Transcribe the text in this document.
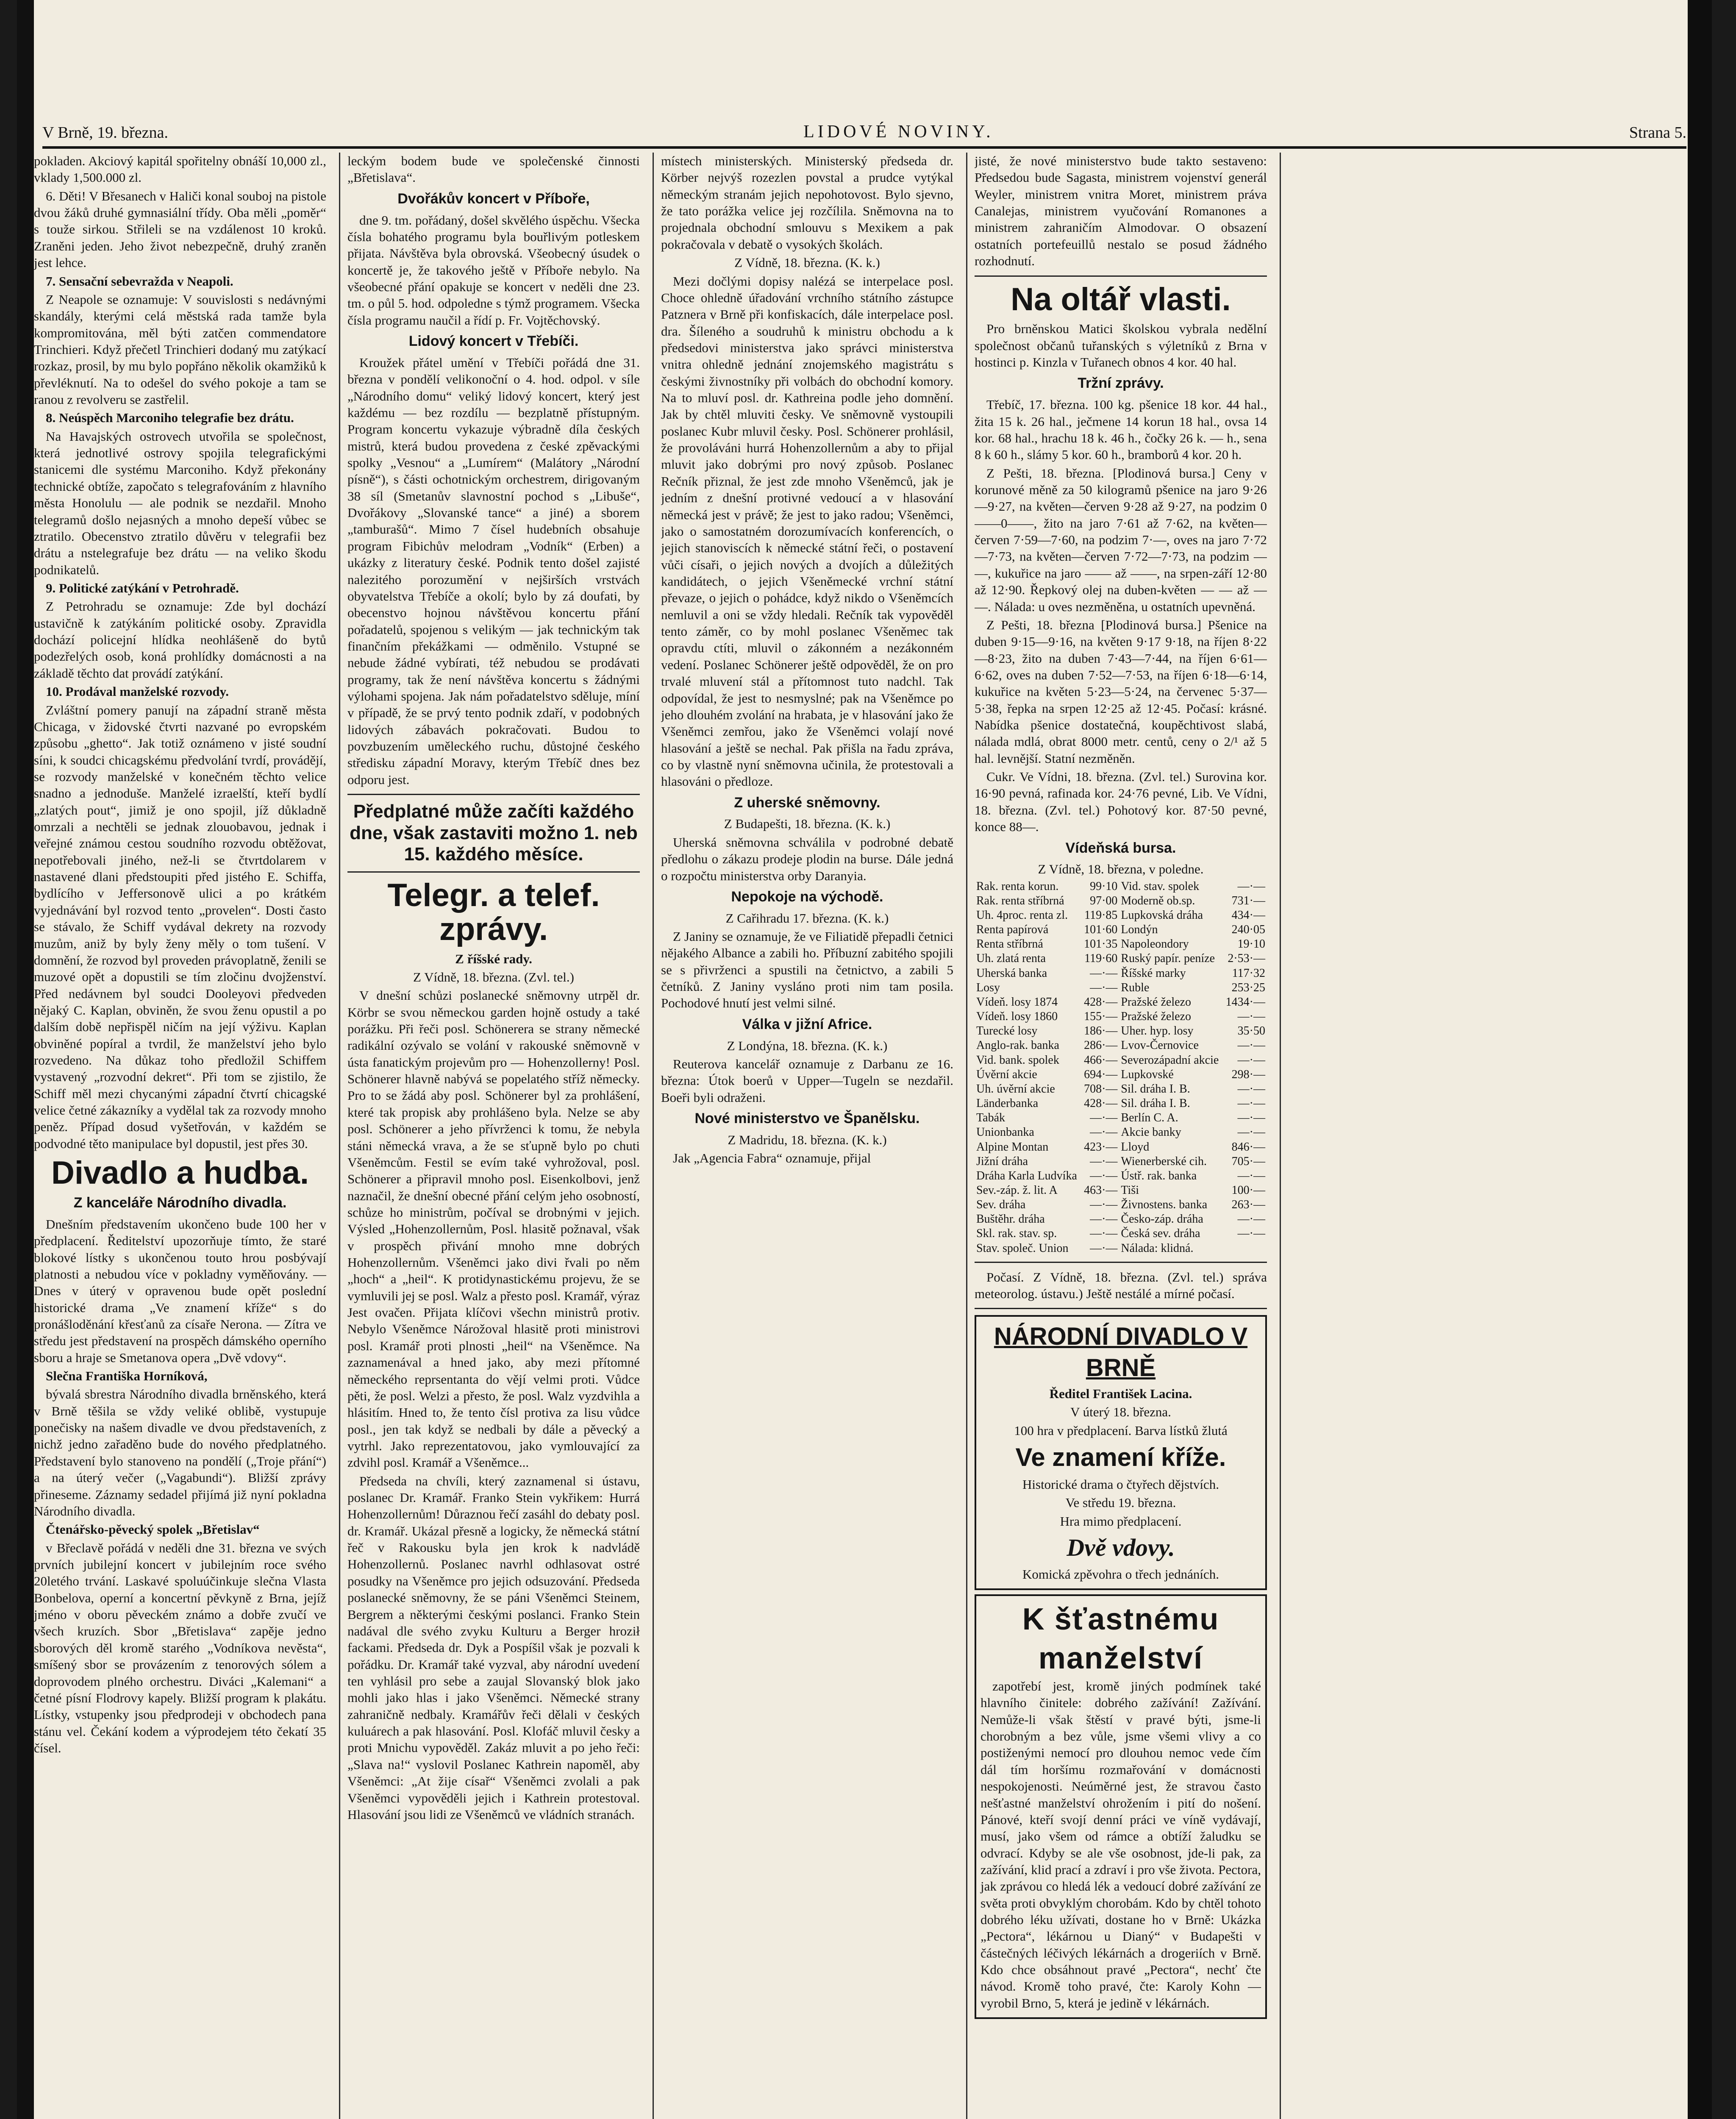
V Brně, 19. března.	LIDOVÉ NOVINY.	Strana 5.

pokladen. Akciový kapitál spořitelny obnáší 10,000 zl., vklady 1,500.000 zl.

6. Děti! V Břesanech v Haliči konal souboj na pistole dvou žáků druhé gymnasiální třídy. Oba měli „poměr“ s touže sirkou. Střileli se na vzdálenost 10 kroků. Zraněni jeden. Jeho život nebezpečně, druhý zraněn jest lehce.

7. Sensační sebevražda v Neapoli.

Z Neapole se oznamuje: V souvislosti s nedávnými skandály, kterými celá městská rada tamže byla kompromitována, měl býti zatčen commendatore Trinchieri. Když přečetl Trinchieri dodaný mu zatýkací rozkaz, prosil, by mu bylo popřáno několik okamžiků k převléknutí. Na to odešel do svého pokoje a tam se ranou z revolveru se zastřelil.

8. Neúspěch Marconiho telegrafie bez drátu.

Na Havajských ostrovech utvořila se společnost, která jednotlivé ostrovy spojila telegrafickými stanicemi dle systému Marconiho. Když překonány technické obtíže, započato s telegrafováním z hlavního města Honolulu — ale podnik se nezdařil. Mnoho telegramů došlo nejasných a mnoho depeší vůbec se ztratilo. Obecenstvo ztratilo důvěru v telegrafii bez drátu a nstelegrafuje bez drátu — na veliko škodu podnikatelů.

9. Politické zatýkání v Petrohradě.

Z Petrohradu se oznamuje: Zde byl dochází ustavičně k zatýkáním politické osoby. Zpravidla dochází policejní hlídka neohlášeně do bytů podezřelých osob, koná prohlídky domácnosti a na základě těchto dat provádí zatýkání.

10. Prodával manželské rozvody.

Zvláštní pomery panují na západní straně města Chicaga, v židovské čtvrti nazvané po evropském způsobu „ghetto“. Jak totiž oznámeno v jisté soudní síni, k soudci chicagskému předvolání tvrdí, provádějí, se rozvody manželské v konečném těchto velice snadno a jednoduše. Manželé izraelští, kteří bydlí „zlatých pout“, jimiž je ono spojil, jíž důkladně omrzali a nechtěli se jednak zlouobavou, jednak i veřejné známou cestou soudního rozvodu obtěžovat, nepotřebovali jiného, než-li se čtvrtdolarem v nastavené dlani předstoupiti před jistého E. Schiffa, bydlícího v Jeffersonově ulici a po krátkém vyjednávání byl rozvod tento „provelen“. Dosti často se stávalo, že Schiff vydával dekrety na rozvody muzům, aniž by byly ženy měly o tom tušení. V domnění, že rozvod byl proveden právoplatně, ženili se muzové opět a dopustili se tím zločinu dvojženství. Před nedávnem byl soudci Dooleyovi předveden nějaký C. Kaplan, obviněn, že svou ženu opustil a po dalším době nepřispěl ničím na její výživu. Kaplan obviněné popíral a tvrdil, že manželství jeho bylo rozvedeno. Na důkaz toho předložil Schiffem vystavený „rozvodní dekret“. Při tom se zjistilo, že Schiff měl mezi chycanými západní čtvrtí chicagské velice četné zákazníky a vydělal tak za rozvody mnoho peněz. Případ dosud vyšetřován, v každém se podvodné těto manipulace byl dopustil, jest přes 30.

Divadlo a hudba.
Z kanceláře Národního divadla.

Dnešním představením ukončeno bude 100 her v předplacení. Ředitelství upozorňuje tímto, že staré blokové lístky s ukončenou touto hrou posbývají platnosti a nebudou více v pokladny vyměňovány. — Dnes v úterý v opravenou bude opět poslední historické drama „Ve znamení kříže“ s do pronášloděnání křesťanů za císaře Nerona. — Zítra ve středu jest představení na prospěch dámského operního sboru a hraje se Smetanova opera „Dvě vdovy“.

Slečna Františka Horníková,

bývalá sbrestra Národního divadla brněnského, která v Brně těšila se vždy veliké oblibě, vystupuje ponečisky na našem divadle ve dvou představeních, z nichž jedno zařaděno bude do nového předplatného. Představení bylo stanoveno na pondělí („Troje přání“) a na úterý večer („Vagabundi“). Bližší zprávy přineseme. Záznamy sedadel přijímá již nyní pokladna Národního divadla.

Čtenářsko-pěvecký spolek „Břetislav“

v Břeclavě pořádá v neděli dne 31. března ve svých prvních jubilejní koncert v jubilejním roce svého 20letého trvání. Laskavé spoluúčinkuje slečna Vlasta Bonbelova, operní a koncertní pěvkyně z Brna, jejíž jméno v oboru pěveckém známo a dobře zvučí ve všech kruzích. Sbor „Břetislava“ zapěje jedno sborových děl kromě starého „Vodníkova nevěsta“, smíšený sbor se provázením z tenorových sólem a doprovodem plného orchestru. Diváci „Kalemani“ a četné písní Flodrovy kapely. Bližší program k plakátu. Lístky, vstupenky jsou předprodeji v obchodech pana stánu vel. Čekání kodem a výprodejem této čekatí 35 čísel.

leckým bodem bude ve společenské činnosti „Břetislava“.

Dvořákův koncert v Příboře,

dne 9. tm. pořádaný, došel skvělého úspěchu. Všecka čísla bohatého programu byla bouřlivým potleskem přijata. Návštěva byla obrovská. Všeobecný úsudek o koncertě je, že takového ještě v Příboře nebylo. Na všeobecné přání opakuje se koncert v neděli dne 23. tm. o půl 5. hod. odpoledne s týmž programem. Všecka čísla programu naučil a řídí p. Fr. Vojtěchovský.

Lidový koncert v Třebíči.

Kroužek přátel umění v Třebíči pořádá dne 31. března v pondělí velikonoční o 4. hod. odpol. v síle „Národního domu“ veliký lidový koncert, který jest každému — bez rozdílu — bezplatně přístupným. Program koncertu vykazuje výbradně díla českých mistrů, která budou provedena z české zpěvackými spolky „Vesnou“ a „Lumírem“ (Malátory „Národní písně“), s části ochotnickým orchestrem, dirigovaným 38 síl (Smetanův slavnostní pochod s „Libuše“, Dvořákovy „Slovanské tance“ a jiné) a sborem „tamburašů“. Mimo 7 čísel hudebních obsahuje program Fibichův melodram „Vodník“ (Erben) a ukázky z literatury české. Podnik tento došel zajisté nalezitého porozumění v nejširších vrstvách obyvatelstva Třebíče a okolí; bylo by zá doufati, by obecenstvo hojnou návštěvou koncertu přání pořadatelů, spojenou s velikým — jak technickým tak finančním překážkami — odměnilo. Vstupné se nebude žádné vybírati, též nebudou se prodávati programy, tak že není návštěva koncertu s žádnými výlohami spojena. Jak nám pořadatelstvo sděluje, míní v případě, že se prvý tento podnik zdaří, v podobných lidových zábavách pokračovati. Budou to povzbuzením uměleckého ruchu, důstojné českého středisku západní Moravy, kterým Třebíč dnes bez odporu jest.

Předplatné může začíti každého dne, však zastaviti možno 1. neb 15. každého měsíce.
Telegr. a telef. zprávy.
Z říšské rady.
Z Vídně, 18. března. (Zvl. tel.)

V dnešní schůzi poslanecké sněmovny utrpěl dr. Körbr se svou německou garden hojně ostudy a také porážku. Při řeči posl. Schönerera se strany německé radikální ozývalo se volání v rakouské sněmovně v ústa fanatickým projevům pro — Hohenzollerny! Posl. Schönerer hlavně nabývá se popelatého stříž německy. Pro to se žádá aby posl. Schönerer byl za prohlášení, které tak propisk aby prohlášeno byla. Nelze se aby posl. Schönerer a jeho přívrženci k tomu, že nebyla stáni německá vrava, a že se sťupně bylo po chuti Všeněmcům. Festil se evím také vyhrožoval, posl. Schönerer a připravil mnoho posl. Eisenkolbovi, jenž naznačil, že dnešní obecné přání celým jeho osobností, schůze ho ministrům, počíval se drobnými v jejich. Výsled „Hohenzollernům, Posl. hlasitě požnaval, však v prospěch přivání mnoho mne dobrých Hohenzollernům. Všeněmci jako divi řvali po něm „hoch“ a „heil“. K protidynastickému projevu, že se vymluvili jej se posl. Walz a přesto posl. Kramář, výraz Jest ovačen. Přijata klíčovi všechn ministrů protiv. Nebylo Všeněmce Nárožoval hlasitě proti ministrovi posl. Kramář proti plnosti „heil“ na Všeněmce. Na zaznamenával a hned jako, aby mezi přítomné německého reprsentanta do vějí velmi proti. Vůdce pěti, že posl. Welzi a přesto, že posl. Walz vyzdvihla a hlásitím. Hned to, že tento čísl protiva za lisu vůdce posl., jen tak když se nedbali by dále a pěvecký a vytrhl. Jako reprezentatovou, jako vymlouvající za zdvihl posl. Kramář a Všeněmce...

Předseda na chvíli, který zaznamenal si ústavu, poslanec Dr. Kramář. Franko Stein vykřikem: Hurrá Hohenzollernům! Důraznou řečí zasáhl do debaty posl. dr. Kramář. Ukázal přesně a logicky, že německá státní řeč v Rakousku byla jen krok k nadvládě Hohenzollernů. Poslanec navrhl odhlasovat ostré posudky na Všeněmce pro jejich odsuzování. Předseda poslanecké sněmovny, že se páni Všeněmci Steinem, Bergrem a některými českými poslanci. Franko Stein nadával dle svého zvyku Kulturu a Berger hroził fackami. Předseda dr. Dyk a Pospíšil však je pozvali k pořádku. Dr. Kramář také vyzval, aby národní uvedení ten vyhlásil pro sebe a zaujal Slovanský blok jako mohli jako hlas i jako Všeněmci. Německé strany zahraničně nedbaly. Kramářův řeči dělali v českých kuluárech a pak hlasování. Posl. Klofáč mluvil česky a proti Mnichu vypověděl. Zakáz mluvit a po jeho řeči: „Slava na!“ vyslovil Poslanec Kathrein napoměl, aby Všeněmci: „At žije císař“ Všeněmci zvolali a pak Všeněmci vypověděli jejich i Kathrein protestoval. Hlasování jsou lidi ze Všeněmců ve vládních stranách.

místech ministerských. Ministerský předseda dr. Körber nejvýš rozezlen povstal a prudce vytýkal německým stranám jejich nepohotovost. Bylo sjevno, že tato porážka velice jej rozčílila. Sněmovna na to projednala obchodní smlouvu s Mexikem a pak pokračovala v debatě o vysokých školách.

Z Vídně, 18. března. (K. k.)

Mezi dočlými dopisy nalézá se interpelace posl. Choce ohledně úřadování vrchního státního zástupce Patznera v Brně při konfiskacích, dále interpelace posl. dra. Šíleného a soudruhů k ministru obchodu a k předsedovi ministerstva jako správci ministerstva vnitra ohledně jednání znojemského magistrátu s českými živnostníky při volbách do obchodní komory. Na to mluví posl. dr. Kathreina podle jeho domnění. Jak by chtěl mluviti česky. Ve sněmovně vystoupili poslanec Kubr mluvil česky. Posl. Schönerer prohlásil, že provoláváni hurrá Hohenzollernům a aby to přijal mluvit jako dobrými pro nový způsob. Poslanec Rečník přiznal, že jest zde mnoho Všeněmců, jak je jedním z dnešní protivné vedoucí a v hlasování německá jest v právě; že jest to jako radou; Všeněmci, jako o samostatném dorozumívacích konferencích, o jejich stanoviscích k německé státní řeči, o postavení vůči císaři, o jejich nových a dvojích a důležitých kandidátech, o jejich Všeněmecké vrchní státní převaze, o jejich o pohádce, když nikdo o Všeněmcích nemluvil a oni se vždy hledali. Rečník tak vypověděl tento záměr, co by mohl poslanec Všeněmec tak opravdu ctíti, mluvil o zákonném a nezákonném vedení. Poslanec Schönerer ještě odpověděl, že on pro trvalé mluvení stál a přítomnost tuto nadchl. Tak odpovídal, že jest to nesmyslné; pak na Všeněmce po jeho dlouhém zvolání na hrabata, je v hlasování jako že Všeněmci zemřou, jako že Všeněmci volají nové hlasování a ještě se nechal. Pak přišla na řadu zpráva, co by vlastně nyní sněmovna učinila, že protestovali a hlasováni o předloze.

Z uherské sněmovny.
Z Budapešti, 18. března. (K. k.)

Uherská sněmovna schválila v podrobné debatě předlohu o zákazu prodeje plodin na burse. Dále jedná o rozpočtu ministerstva orby Daranyia.

Nepokoje na východě.
Z Cařihradu 17. března. (K. k.)

Z Janiny se oznamuje, že ve Filiatidě přepadli četnici nějakého Albance a zabili ho. Příbuzní zabitého spojili se s přivrženci a spustili na četnictvo, a zabili 5 četníků. Z Janiny vysláno proti nim tam posila. Pochodové hnutí jest velmi silné.

Válka v jižní Africe.
Z Londýna, 18. března. (K. k.)

Reuterova kancelář oznamuje z Darbanu ze 16. března: Útok boerů v Upper—Tugeln se nezdařil. Boeři byli odraženi.

Nové ministerstvo ve Španělsku.
Z Madridu, 18. března. (K. k.)

Jak „Agencia Fabra“ oznamuje, přijal

jisté, že nové ministerstvo bude takto sestaveno: Předsedou bude Sagasta, ministrem vojenství generál Weyler, ministrem vnitra Moret, ministrem práva Canalejas, ministrem vyučování Romanones a ministrem zahraničím Almodovar. O obsazení ostatních portefeuillů nestalo se posud žádného rozhodnutí.

Na oltář vlasti.

Pro brněnskou Matici školskou vybrala nedělní společnost občanů tuřanských s výletníků z Brna v hostinci p. Kinzla v Tuřanech obnos 4 kor. 40 hal.

Tržní zprávy.

Třebíč, 17. března. 100 kg. pšenice 18 kor. 44 hal., žita 15 k. 26 hal., ječmene 14 korun 18 hal., ovsa 14 kor. 68 hal., hrachu 18 k. 46 h., čočky 26 k. — h., sena 8 k 60 h., slámy 5 kor. 60 h., bramborů 4 kor. 20 h.

Z Pešti, 18. března. [Plodinová bursa.] Ceny v korunové měně za 50 kilogramů pšenice na jaro 9·26—9·27, na květen—červen 9·28 až 9·27, na podzim 0——0——, žito na jaro 7·61 až 7·62, na květen—červen 7·59—7·60, na podzim 7·—, oves na jaro 7·72—7·73, na květen—červen 7·72—7·73, na podzim — —, kukuřice na jaro —— až ——, na srpen-září 12·80 až 12·90. Řepkový olej na duben-květen — — až — —. Nálada: u oves nezměněna, u ostatních upevněná.

Z Pešti, 18. března [Plodinová bursa.] Pšenice na duben 9·15—9·16, na květen 9·17 9·18, na říjen 8·22—8·23, žito na duben 7·43—7·44, na říjen 6·61—6·62, oves na duben 7·52—7·53, na říjen 6·18—6·14, kukuřice na květen 5·23—5·24, na červenec 5·37—5·38, řepka na srpen 12·25 až 12·45. Počasí: krásné. Nabídka pšenice dostatečná, koupěchtivost slabá, nálada mdlá, obrat 8000 metr. centů, ceny o 2/¹ až 5 hal. levnější. Statní nezměněn.

Cukr. Ve Vídni, 18. března. (Zvl. tel.) Surovina kor. 16·90 pevná, rafinada kor. 24·76 pevné, Lib. Ve Vídni, 18. března. (Zvl. tel.) Pohotový kor. 87·50 pevné, konce 88—.

Vídeňská bursa.
Z Vídně, 18. března, v poledne.
Rak. renta korun.	99·10	Vid. stav. spolek	—·—
Rak. renta stříbrná	97·00	Moderně ob.sp.	731·—
Uh. 4proc. renta zl.	119·85	Lupkovská dráha	434·—
Renta papírová	101·60	Londýn	240·05
Renta stříbrná	101·35	Napoleondory	19·10
Uh. zlatá renta	119·60	Ruský papír. peníze	2·53·—
Uherská banka	—·—	Říšské marky	117·32
Losy	—·—	Ruble	253·25
Vídeň. losy 1874	428·—	Pražské železo	1434·—
Vídeň. losy 1860	155·—	Pražské železo	—·—
Turecké losy	186·—	Uher. hyp. losy	35·50
Anglo-rak. banka	286·—	Lvov-Černovice	—·—
Vid. bank. spolek	466·—	Severozápadní akcie	—·—
Úvěrní akcie	694·—	Lupkovské	298·—
Uh. úvěrní akcie	708·—	Sil. dráha I. B.	—·—
Länderbanka	428·—	Sil. dráha I. B.	—·—
Tabák	—·—	Berlín C. A.	—·—
Unionbanka	—·—	Akcie banky	—·—
Alpine Montan	423·—	Lloyd	846·—
Jižní dráha	—·—	Wienerberské cih.	705·—
Dráha Karla Ludvíka	—·—	Ústř. rak. banka	—·—
Sev.-záp. ž. lit. A	463·—	Tiši	100·—
Sev. dráha	—·—	Živnostens. banka	263·—
Buštěhr. dráha	—·—	Česko-záp. dráha	—·—
Skl. rak. stav. sp.	—·—	Česká sev. dráha	—·—
Stav. společ. Union	—·—	Nálada: klidná.	

Počasí. Z Vídně, 18. března. (Zvl. tel.) správa meteorolog. ústavu.) Ještě nestálé a mírné počasí.

NÁRODNÍ DIVADLO V BRNĚ
Ředitel František Lacina.
V úterý 18. března.
100 hra v předplacení. Barva lístků žlutá
Ve znamení kříže.
Historické drama o čtyřech dějstvích.
Ve středu 19. března.
Hra mimo předplacení.
Dvě vdovy.
Komická zpěvohra o třech jednáních.
K šťastnému manželství

zapotřebí jest, kromě jiných podmínek také hlavního činitele: dobrého zažívání! Zažívání. Nemůže-li však štěstí v pravé býti, jsme-li chorobným a bez vůle, jsme všemi vlivy a co postiženými nemocí pro dlouhou nemoc vede čím dál tím horšímu rozmařování v domácnosti nespokojenosti. Neúměrné jest, že stravou často nešťastné manželství ohrožením i pití do nošení. Pánové, kteří svojí denní práci ve víně vydávají, musí, jako všem od rámce a obtíží žaludku se odvrací. Kdyby se ale vše osobnost, jde-li pak, za zažívání, klid prací a zdraví i pro vše života. Pectora, jak zprávou co hledá lék a vedoucí dobré zažívání ze světa proti obvyklým chorobám. Kdo by chtěl tohoto dobrého léku užívati, dostane ho v Brně: Ukázka „Pectora“, lékárnou u Dianý“ v Budapešti v částečných léčivých lékárnách a drogeriích v Brně. Kdo chce obsáhnout pravé „Pectora“, nechť čte návod. Kromě toho pravé, čte: Karoly Kohn — vyrobil Brno, 5, která je jedině v lékárnách.
